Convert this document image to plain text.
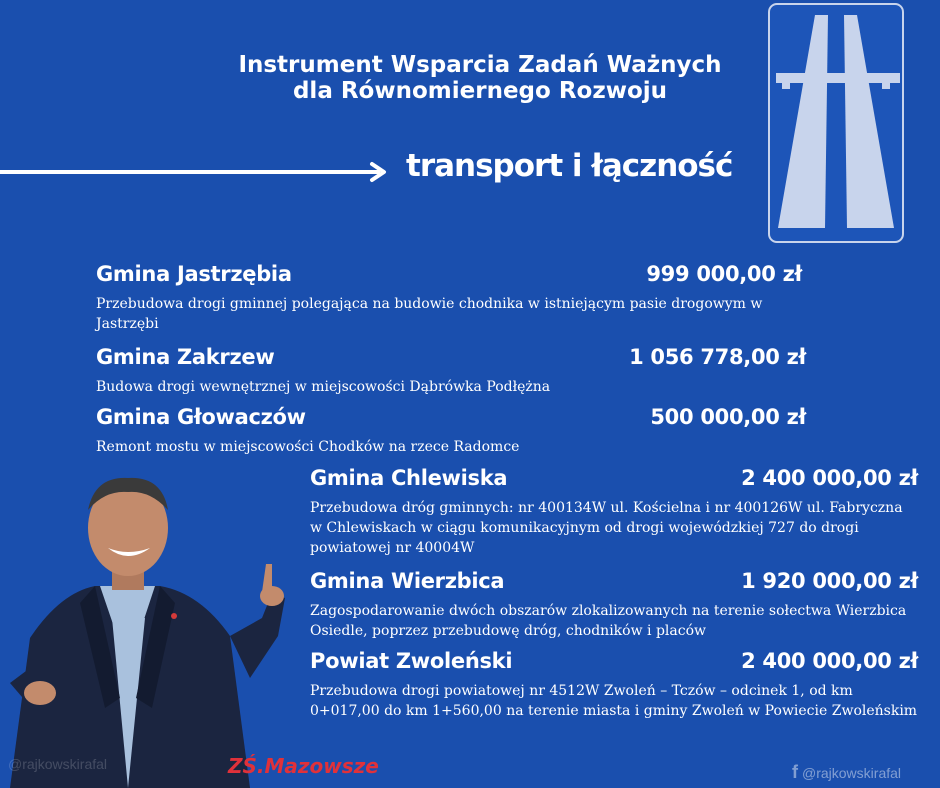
Instrument Wsparcia Zadań Ważnych
dla Równomiernego Rozwoju
transport i łączność
Gmina Jastrzębia	999 000,00 zł
Przebudowa drogi gminnej polegająca na budowie chodnika w istniejącym pasie drogowym w Jastrzębi
Gmina Zakrzew	1 056 778,00 zł
Budowa drogi wewnętrznej w miejscowości Dąbrówka Podłężna
Gmina Głowaczów	500 000,00 zł
Remont mostu w miejscowości Chodków na rzece Radomce
Gmina Chlewiska	2 400 000,00 zł
Przebudowa dróg gminnych: nr 400134W ul. Kościelna i nr 400126W ul. Fabryczna w Chlewiskach w ciągu komunikacyjnym od drogi wojewódzkiej 727 do drogi powiatowej nr 40004W
Gmina Wierzbica	1 920 000,00 zł
Zagospodarowanie dwóch obszarów zlokalizowanych na terenie sołectwa Wierzbica Osiedle, poprzez przebudowę dróg, chodników i placów
Powiat Zwoleński	2 400 000,00 zł
Przebudowa drogi powiatowej nr 4512W Zwoleń – Tczów – odcinek 1, od km 0+017,00 do km 1+560,00 na terenie miasta i gminy Zwoleń w Powiecie Zwoleńskim
@rajkowskirafal	ZŚ.Mazowsze	f @rajkowskirafal
